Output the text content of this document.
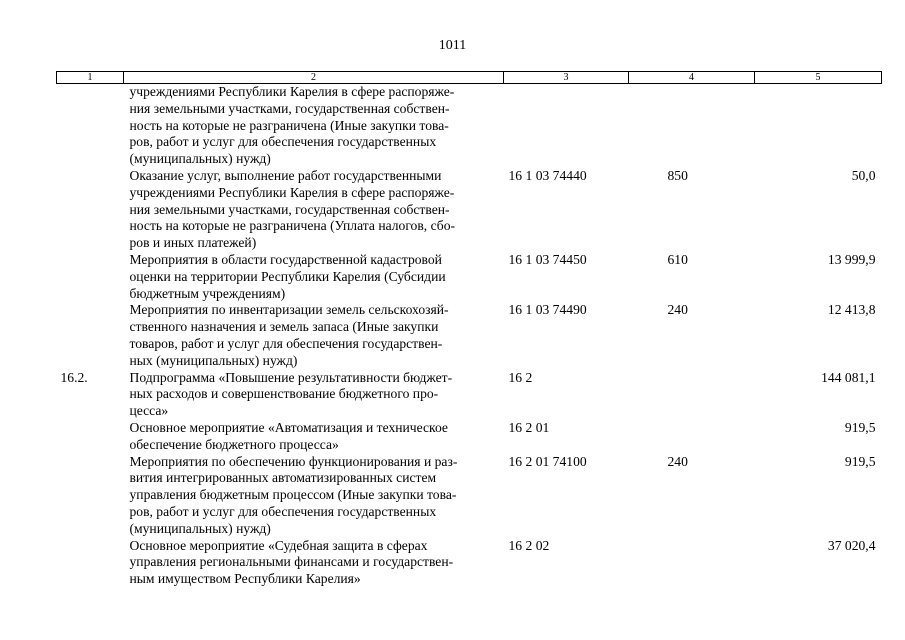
1011
1	2	3	4	5
	учреждениями Республики Карелия в сфере распоряже-
ния земельными участками, государственная собствен-
ность на которые не разграничена (Иные закупки това-
ров, работ и услуг для обеспечения государственных
(муниципальных) нужд)			
	Оказание услуг, выполнение работ государственными
учреждениями Республики Карелия в сфере распоряже-
ния земельными участками, государственная собствен-
ность на которые не разграничена (Уплата налогов, сбо-
ров и иных платежей)	16 1 03 74440	850	50,0
	Мероприятия в области государственной кадастровой
оценки на территории Республики Карелия (Субсидии
бюджетным учреждениям)	16 1 03 74450	610	13 999,9
	Мероприятия по инвентаризации земель сельскохозяй-
ственного назначения и земель запаса (Иные закупки
товаров, работ и услуг для обеспечения государствен-
ных (муниципальных) нужд)	16 1 03 74490	240	12 413,8
16.2.	Подпрограмма «Повышение результативности бюджет-
ных расходов и совершенствование бюджетного про-
цесса»	16 2		144 081,1
	Основное мероприятие «Автоматизация и техническое
обеспечение бюджетного процесса»	16 2 01		919,5
	Мероприятия по обеспечению функционирования и раз-
вития интегрированных автоматизированных систем
управления бюджетным процессом (Иные закупки това-
ров, работ и услуг для обеспечения государственных
(муниципальных) нужд)	16 2 01 74100	240	919,5
	Основное мероприятие «Судебная защита в сферах
управления региональными финансами и государствен-
ным имуществом Республики Карелия»	16 2 02		37 020,4
